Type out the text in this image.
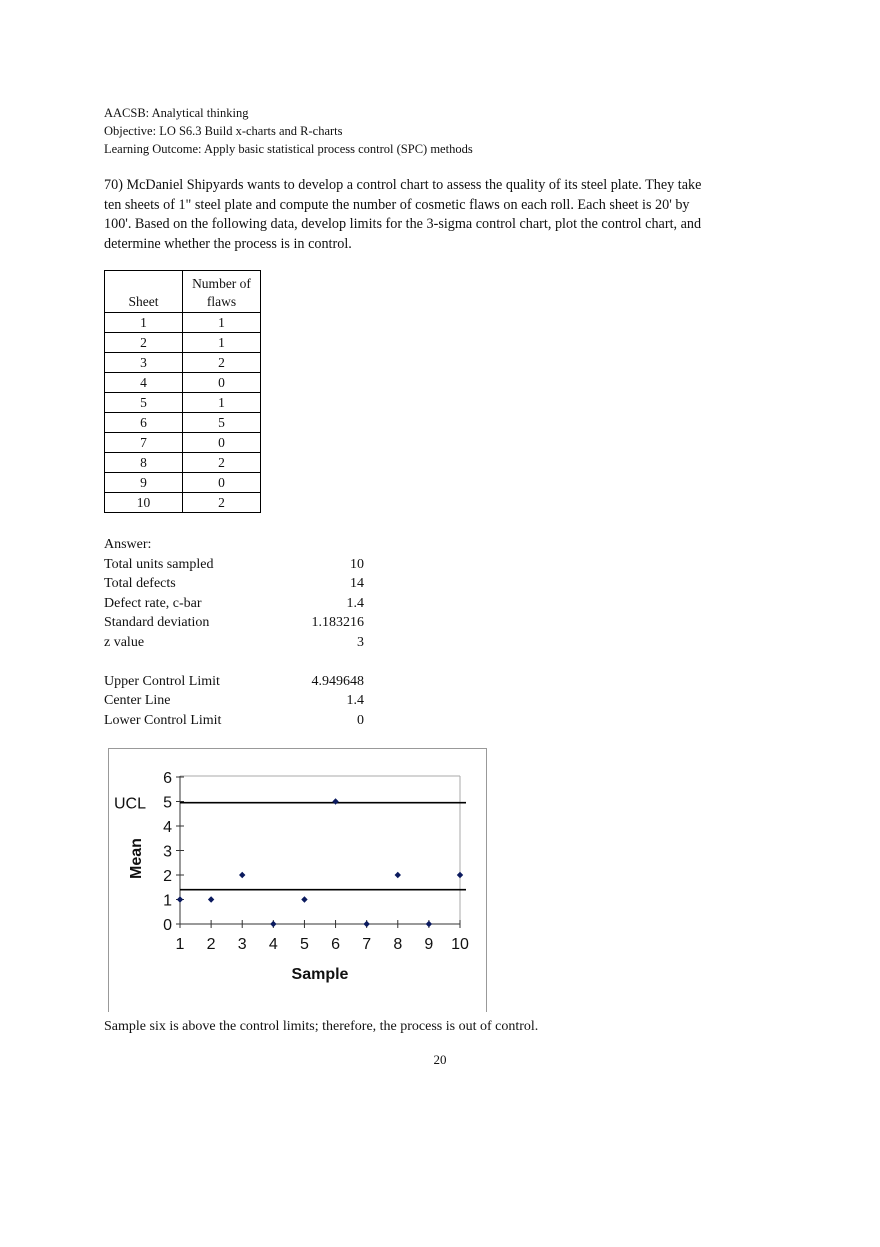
AACSB: Analytical thinking
Objective: LO S6.3 Build x-charts and R-charts
Learning Outcome: Apply basic statistical process control (SPC) methods
70) McDaniel Shipyards wants to develop a control chart to assess the quality of its steel plate. They take ten sheets of 1" steel plate and compute the number of cosmetic flaws on each roll. Each sheet is 20' by 100'. Based on the following data, develop limits for the 3-sigma control chart, plot the control chart, and determine whether the process is in control.
Sheet	Number of flaws
1	1
2	1
3	2
4	0
5	1
6	5
7	0
8	2
9	0
10	2
Answer:
Total units sampled	10
Total defects	14
Defect rate, c-bar	1.4
Standard deviation	1.183216
z value	3
Upper Control Limit	4.949648
Center Line	1.4
Lower Control Limit	0
0
1
2
3
4
5
6
1 2 3 4 5 6 7 8 9 10
UCL
Sample
Mean
Sample six is above the control limits; therefore, the process is out of control.
20
